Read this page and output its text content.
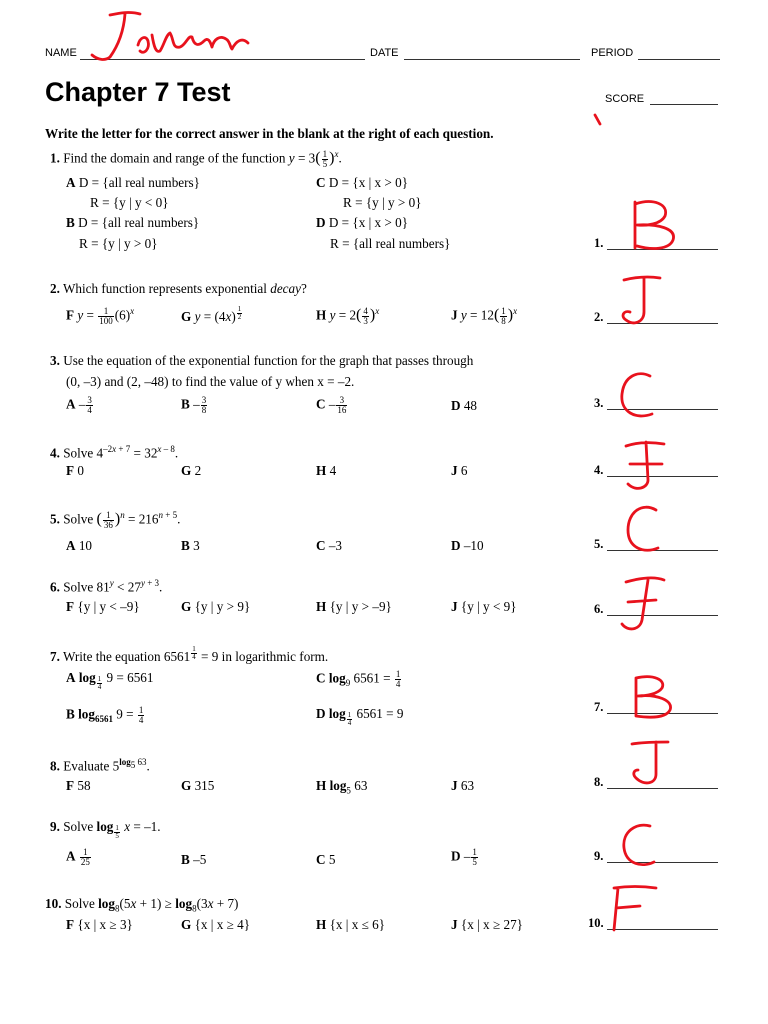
NAME	DATE	PERIOD
Chapter 7 Test	SCORE
Write the letter for the correct answer in the blank at the right of each question.
1. Find the domain and range of the function $y = 3( \frac{1}{5} )^x$.
A D = {all real numbers}
R = {y | y < 0}
B D = {all real numbers}
R = {y | y > 0}
C D = {x | x > 0}
R = {y | y > 0}
D D = {x | x > 0}
R = {all real numbers}	1.
2. Which function represents exponential decay?
F $y = \frac{1}{100} (6)^x$	G y = (4x) $^{\frac{1}{2}}$	H $y = 2( \frac{4}{3} )^x$	J $y = 12( \frac{1}{8} )^x$	2.
3. Use the equation of the exponential function for the graph that passes through
(0, –3) and (2, –48) to find the value of y when x = –2.
A – $\frac{3}{4}$	B – $\frac{3}{8}$	C – $\frac{3}{16}$	D 48	3.
4. Solve $4^{-2x + 7} = 32^{x - 8}$.
F 0	G 2	H 4	J 6	4.
5. Solve ( $\frac{1}{36} )^n = 216^{n + 5}$.
A 10	B 3	C –3	D –10	5.
6. Solve $81^y < 27^{y + 3}$.
F {y | y < –9}	G {y | y > 9}	H {y | y > –9}	J {y | y < 9}	6.
7. Write the equation 6561 $^{\frac{1}{4}}$ = 9 in logarithmic form.
A log $_{\frac{1}{4}}$ 9 = 6561
B $\log_{6561} 9 = \frac{1}{4}$
C $\log_9 6561 = \frac{1}{4}$
D log $_{\frac{1}{4}}$ 6561 = 9	7.
8. Evaluate $5^{log_5 63}$.
F 58	G 315	H $\log_5 63$	J 63	8.
9. Solve log $_{\frac{1}{5}}$ x = –1.
A $\frac{1}{25}$	B –5	C 5	D – $\frac{1}{5}$	9.
10. Solve $\log_8(5x + 1) \ge \log_8(3x + 7)$
F {x | x ≥ 3}	G {x | x ≥ 4}	H {x | x ≤ 6}	J {x | x ≥ 27}	10.
